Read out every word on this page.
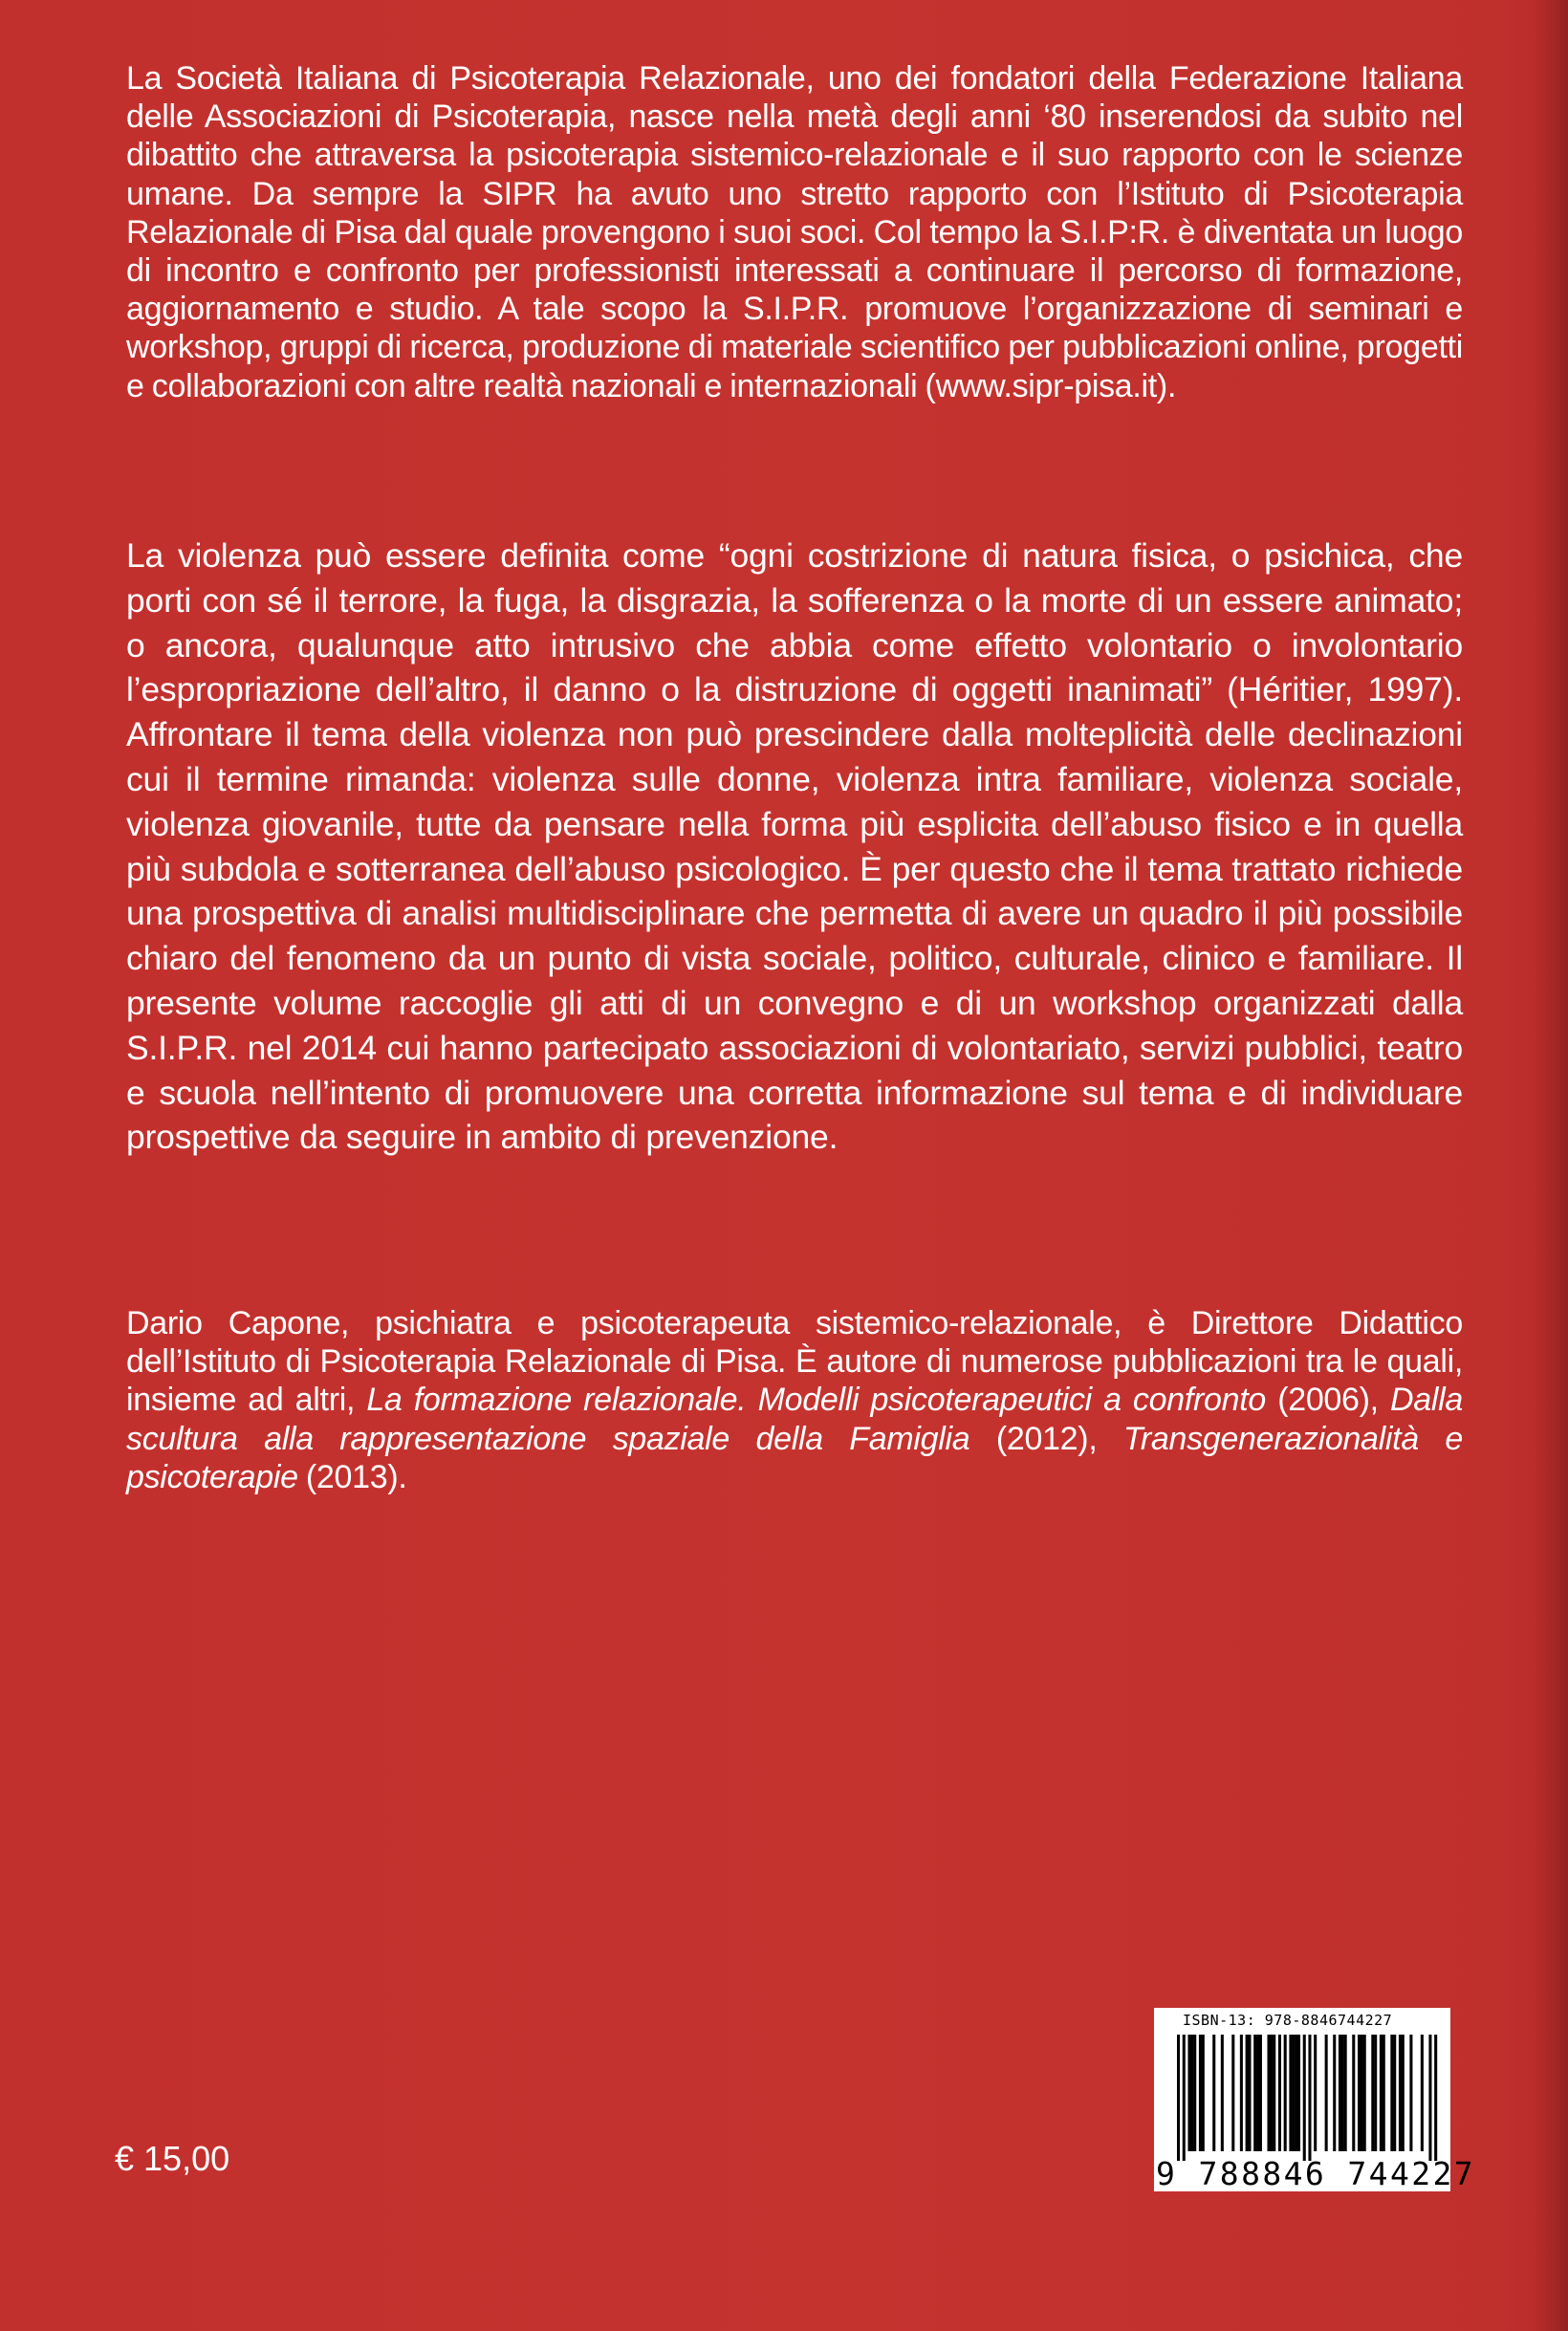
La Società Italiana di Psicoterapia Relazionale, uno dei fondatori della Federazione Italiana delle Associazioni di Psicoterapia, nasce nella metà degli anni ‘80 inserendosi da subito nel dibattito che attraversa la psicoterapia sistemico-relazionale e il suo rapporto con le scienze umane. Da sempre la SIPR ha avuto uno stretto rapporto con l’Istituto di Psicoterapia Relazionale di Pisa dal quale provengono i suoi soci. Col tempo la S.I.P:R. è diventata un luogo di incontro e confronto per professionisti interessati a continuare il percorso di formazione, aggiornamento e studio. A tale scopo la S.I.P.R. promuove l’organizzazione di seminari e workshop, gruppi di ricerca, produzione di materiale scientifico per pubblicazioni online, progetti e collaborazioni con altre realtà nazionali e internazionali (www.sipr-pisa.it).

La violenza può essere definita come “ogni costrizione di natura fisica, o psichica, che porti con sé il terrore, la fuga, la disgrazia, la sofferenza o la morte di un essere animato; o ancora, qualunque atto intrusivo che abbia come effetto volontario o involontario l’espropriazione dell’altro, il danno o la distruzione di oggetti inanimati” (Héritier, 1997). Affrontare il tema della violenza non può prescindere dalla molteplicità delle declinazioni cui il termine rimanda: violenza sulle donne, violenza intra familiare, violenza sociale, violenza giovanile, tutte da pensare nella forma più esplicita dell’abuso fisico e in quella più subdola e sotterranea dell’abuso psicologico. È per questo che il tema trattato richiede una prospettiva di analisi multidisciplinare che permetta di avere un quadro il più possibile chiaro del fenomeno da un punto di vista sociale, politico, culturale, clinico e familiare. Il presente volume raccoglie gli atti di un convegno e di un workshop organizzati dalla S.I.P.R. nel 2014 cui hanno partecipato associazioni di volontariato, servizi pubblici, teatro e scuola nell’intento di promuovere una corretta informazione sul tema e di individuare prospettive da seguire in ambito di prevenzione.

Dario Capone, psichiatra e psicoterapeuta sistemico-relazionale, è Direttore Didattico dell’Istituto di Psicoterapia Relazionale di Pisa. È autore di numerose pubblicazioni tra le quali, insieme ad altri, La formazione relazionale. Modelli psicoterapeutici a confronto (2006), Dalla scultura alla rappresentazione spaziale della Famiglia (2012), Transgenerazionalità e psicoterapie (2013).

€ 15,00
ISBN-13: 978-8846744227
9 788846 744227
